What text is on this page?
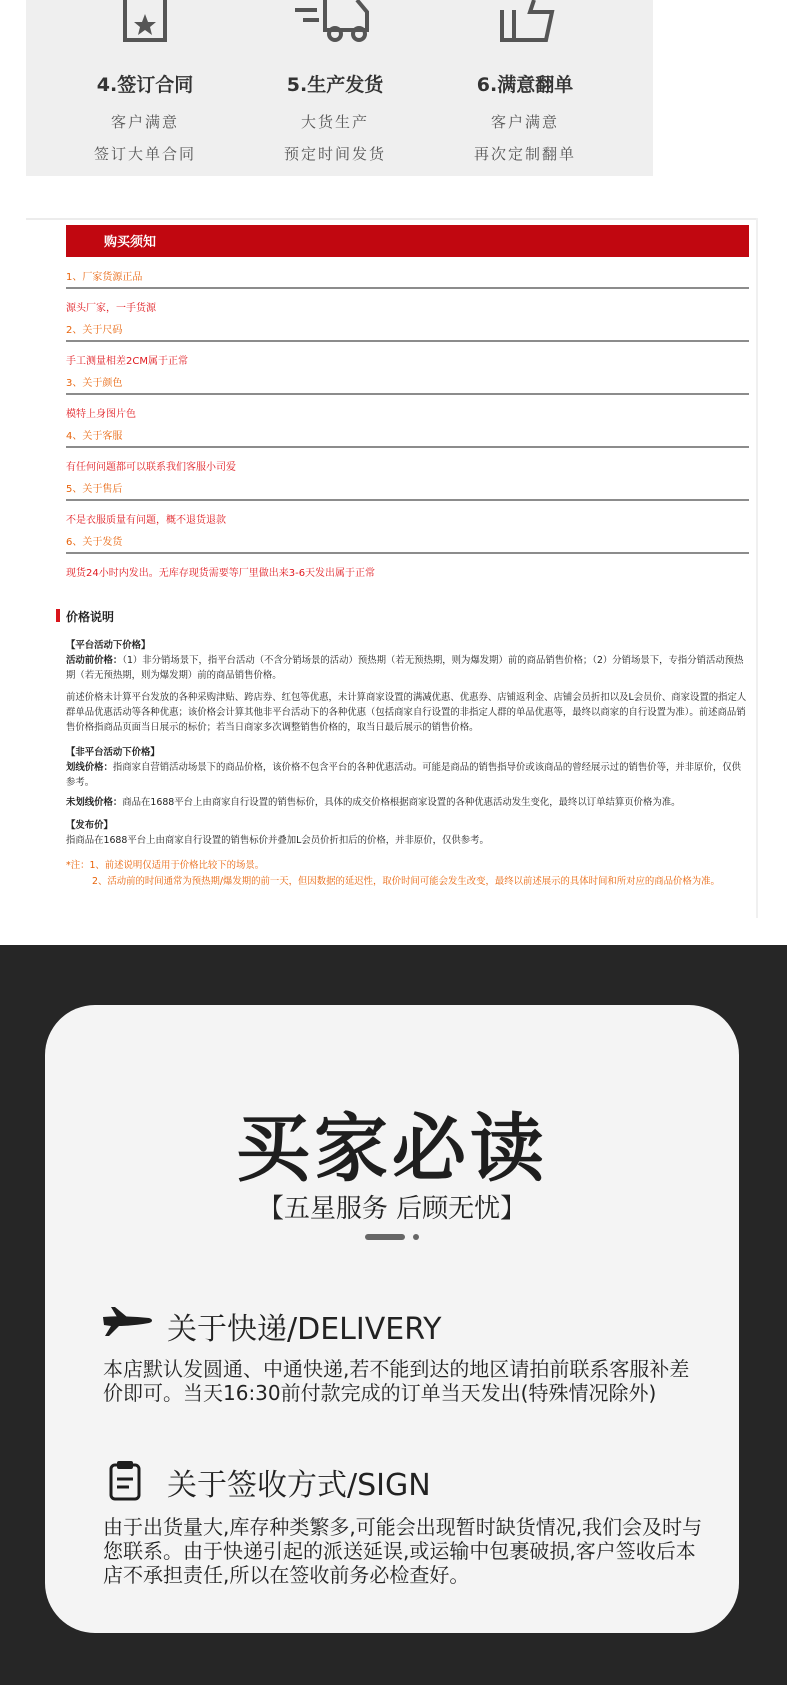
4.签订合同
客户满意
签订大单合同
5.生产发货
大货生产
预定时间发货
6.满意翻单
客户满意
再次定制翻单
购买须知
1、厂家货源正品
源头厂家，一手货源
2、关于尺码
手工测量相差2CM属于正常
3、关于颜色
模特上身图片色
4、关于客服
有任何问题都可以联系我们客服小司爱
5、关于售后
不是衣服质量有问题，概不退货退款
6、关于发货
现货24小时内发出。无库存现货需要等厂里做出来3-6天发出属于正常
价格说明
【平台活动下价格】
活动前价格：（1）非分销场景下，指平台活动（不含分销场景的活动）预热期（若无预热期，则为爆发期）前的商品销售价格；（2）分销场景下，专指分销活动预热期（若无预热期，则为爆发期）前的商品销售价格。
前述价格未计算平台发放的各种采购津贴、跨店券、红包等优惠，未计算商家设置的满减优惠、优惠券、店铺返利金、店铺会员折扣以及L会员价、商家设置的指定人群单品优惠活动等各种优惠；该价格会计算其他非平台活动下的各种优惠（包括商家自行设置的非指定人群的单品优惠等，最终以商家的自行设置为准）。前述商品销售价格指商品页面当日展示的标价；若当日商家多次调整销售价格的，取当日最后展示的销售价格。
【非平台活动下价格】
划线价格：指商家自营销活动场景下的商品价格，该价格不包含平台的各种优惠活动。可能是商品的销售指导价或该商品的曾经展示过的销售价等，并非原价，仅供参考。
未划线价格：商品在1688平台上由商家自行设置的销售标价，具体的成交价格根据商家设置的各种优惠活动发生变化，最终以订单结算页价格为准。
【发布价】
指商品在1688平台上由商家自行设置的销售标价并叠加L会员价折扣后的价格，并非原价，仅供参考。
*注：1、前述说明仅适用于价格比较下的场景。
2、活动前的时间通常为预热期/爆发期的前一天，但因数据的延迟性，取价时间可能会发生改变，最终以前述展示的具体时间和所对应的商品价格为准。
买家必读
【五星服务 后顾无忧】
关于快递/DELIVERY
本店默认发圆通、中通快递,若不能到达的地区请拍前联系客服补差价即可。当天16:30前付款完成的订单当天发出(特殊情况除外)
关于签收方式/SIGN
由于出货量大,库存种类繁多,可能会出现暂时缺货情况,我们会及时与您联系。由于快递引起的派送延误,或运输中包裹破损,客户签收后本店不承担责任,所以在签收前务必检查好。
